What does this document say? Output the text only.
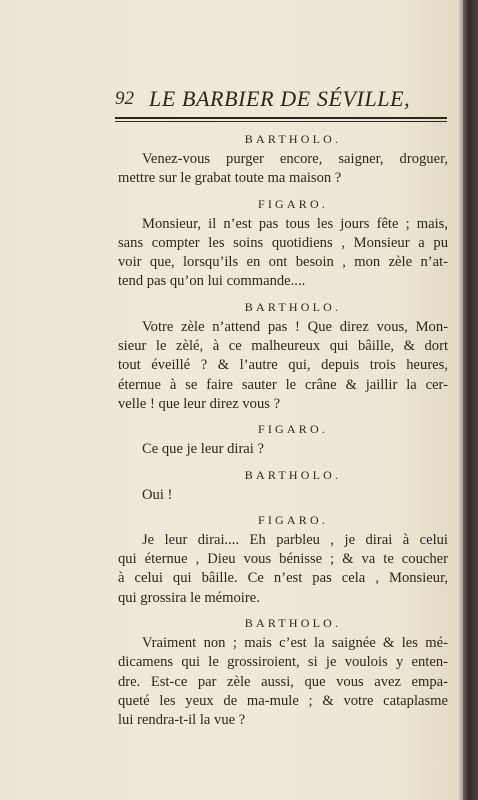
92 LE BARBIER DE SÉVILLE,
BARTHOLO.
Venez-vous purger encore, saigner, droguer,
mettre sur le grabat toute ma maison ?
FIGARO.
Monsieur, il n’est pas tous les jours fête ; mais,
sans compter les soins quotidiens , Monsieur a pu
voir que, lorsqu’ils en ont besoin , mon zèle n’at-
tend pas qu’on lui commande....
BARTHOLO.
Votre zèle n’attend pas ! Que direz vous, Mon-
sieur le zèlé, à ce malheureux qui bâille, & dort
tout éveillé ? & l’autre qui, depuis trois heures,
éternue à se faire sauter le crâne & jaillir la cer-
velle ! que leur direz vous ?
FIGARO.
Ce que je leur dirai ?
BARTHOLO.
Oui !
FIGARO.
Je leur dirai.... Eh parbleu , je dirai à celui
qui éternue , Dieu vous bénisse ; & va te coucher
à celui qui bâille. Ce n’est pas cela , Monsieur,
qui grossira le mémoire.
BARTHOLO.
Vraiment non ; mais c’est la saignée & les mé-
dicamens qui le grossiroient, si je voulois y enten-
dre. Est-ce par zèle aussi, que vous avez empa-
queté les yeux de ma-mule ; & votre cataplasme
lui rendra-t-il la vue ?
